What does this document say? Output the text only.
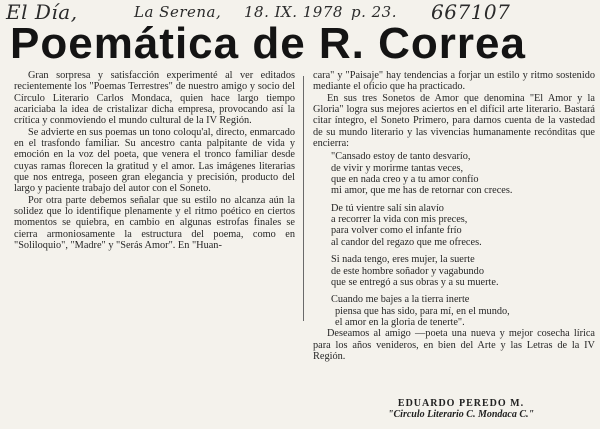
El Día,	La Serena, 18. IX. 1978 p. 23. 667107
Poemática de R. Correa

Gran sorpresa y satisfacción experimenté al ver editados recientemente los "Poemas Terrestres" de nuestro amigo y socio del Círculo Literario Carlos Mondaca, quien hace largo tiempo acariciaba la idea de cristalizar dicha empresa, provocando así la crítica y conmoviendo el mundo cultural de la IV Región.

Se advierte en sus poemas un tono coloqu'al, directo, enmarcado en el trasfondo familiar. Su ancestro canta palpitante de vida y emoción en la voz del poeta, que venera el tronco familiar desde cuyas ramas florecen la gratitud y el amor. Las imágenes literarias que nos entrega, poseen gran elegancia y precisión, producto del largo y paciente trabajo del autor con el Soneto.

Por otra parte debemos señalar que su estilo no alcanza aún la solidez que lo identifique plenamente y el ritmo poético en ciertos momentos se quiebra, en cambio en algunas estrofas finales se cierra armoniosamente la estructura del poema, como en "Soliloquio", "Madre" y "Serás Amor". En "Huan-

cara" y "Paisaje" hay tendencias a forjar un estilo y ritmo sostenido mediante el oficio que ha practicado.

En sus tres Sonetos de Amor que denomina "El Amor y la Gloria" logra sus mejores aciertos en el difícil arte literario. Bastará citar íntegro, el Soneto Primero, para darnos cuenta de la vastedad de su mundo literario y las vivencias humanamente recónditas que encierra:

"Cansado estoy de tanto desvarío,
de vivir y morirme tantas veces,
que en nada creo y a tu amor confío
mi amor, que me has de retornar con creces.
De tú vientre salí sin alavío
a recorrer la vida con mis preces,
para volver como el infante frío
al candor del regazo que me ofreces.
Si nada tengo, eres mujer, la suerte
de este hombre soñador y vagabundo
que se entregó a sus obras y a su muerte.
Cuando me bajes a la tierra inerte
piensa que has sido, para mí, en el mundo,
el amor en la gloria de tenerte".

Deseamos al amigo —poeta una nueva y mejor cosecha lírica para los años venideros, en bien del Arte y las Letras de la IV Región.

EDUARDO PEREDO M.
"Circulo Literario C. Mondaca C."
